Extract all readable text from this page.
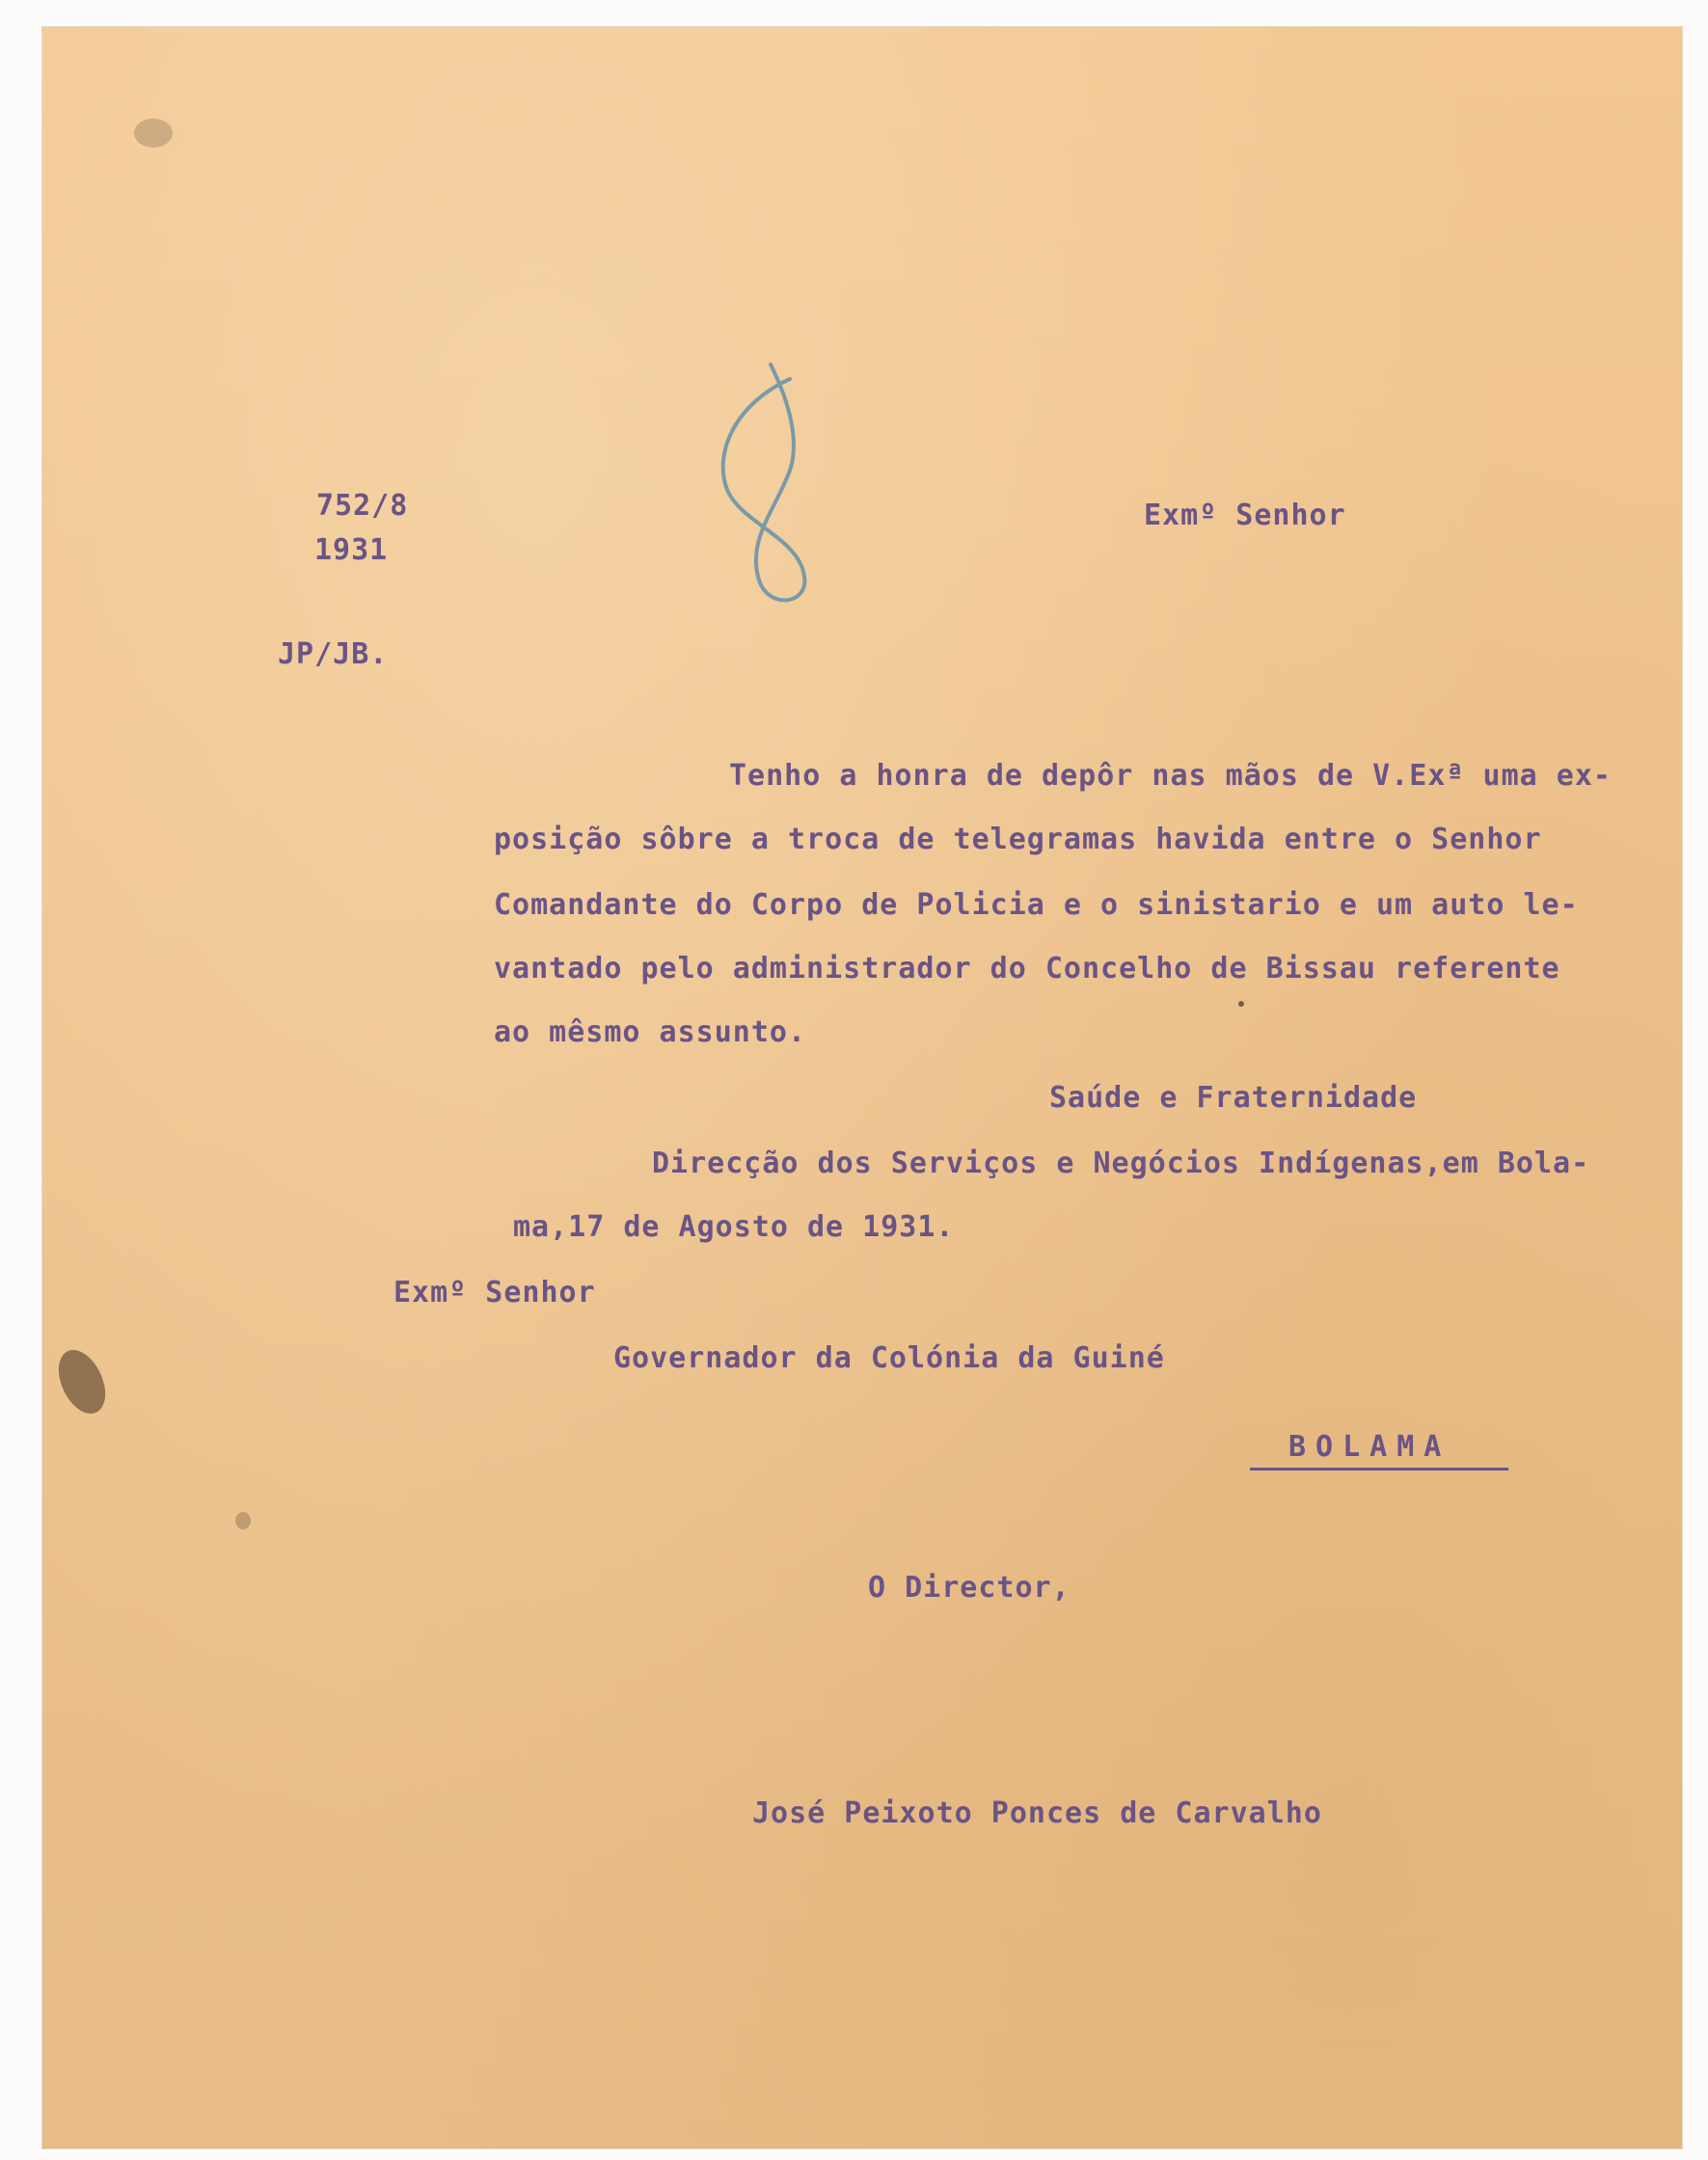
752/8
1931
JP/JB.
Exmº Senhor
Tenho a honra de depôr nas mãos de V.Exª uma ex-
posição sôbre a troca de telegramas havida entre o Senhor
Comandante do Corpo de Policia e o sinistario e um auto le-
vantado pelo administrador do Concelho de Bissau referente
ao mêsmo assunto.
Saúde e Fraternidade
Direcção dos Serviços e Negócios Indígenas,em Bola-
ma,17 de Agosto de 1931.
Exmº Senhor
Governador da Colónia da Guiné
BOLAMA
O Director,
José Peixoto Ponces de Carvalho
